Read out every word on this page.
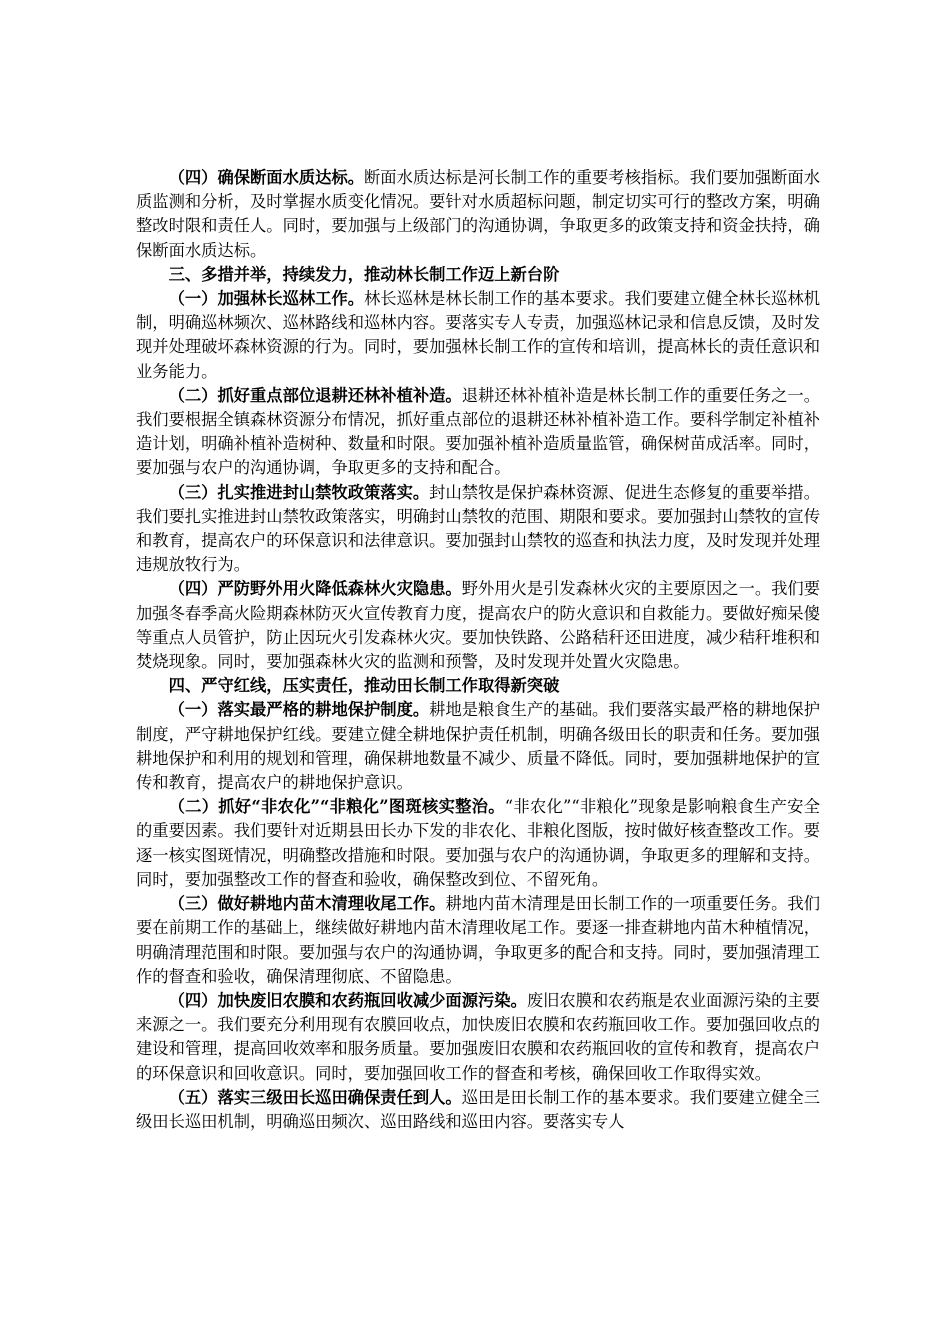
（四）确保断面水质达标。断面水质达标是河长制工作的重要考核指标。我们要加强断面水质监测和分析，及时掌握水质变化情况。要针对水质超标问题，制定切实可行的整改方案，明确整改时限和责任人。同时，要加强与上级部门的沟通协调，争取更多的政策支持和资金扶持，确保断面水质达标。

三、多措并举，持续发力，推动林长制工作迈上新台阶

（一）加强林长巡林工作。林长巡林是林长制工作的基本要求。我们要建立健全林长巡林机制，明确巡林频次、巡林路线和巡林内容。要落实专人专责，加强巡林记录和信息反馈，及时发现并处理破坏森林资源的行为。同时，要加强林长制工作的宣传和培训，提高林长的责任意识和业务能力。

（二）抓好重点部位退耕还林补植补造。退耕还林补植补造是林长制工作的重要任务之一。我们要根据全镇森林资源分布情况，抓好重点部位的退耕还林补植补造工作。要科学制定补植补造计划，明确补植补造树种、数量和时限。要加强补植补造质量监管，确保树苗成活率。同时，要加强与农户的沟通协调，争取更多的支持和配合。

（三）扎实推进封山禁牧政策落实。封山禁牧是保护森林资源、促进生态修复的重要举措。我们要扎实推进封山禁牧政策落实，明确封山禁牧的范围、期限和要求。要加强封山禁牧的宣传和教育，提高农户的环保意识和法律意识。要加强封山禁牧的巡查和执法力度，及时发现并处理违规放牧行为。

（四）严防野外用火降低森林火灾隐患。野外用火是引发森林火灾的主要原因之一。我们要加强冬春季高火险期森林防灭火宣传教育力度，提高农户的防火意识和自救能力。要做好痴呆傻等重点人员管护，防止因玩火引发森林火灾。要加快铁路、公路秸秆还田进度，减少秸秆堆积和焚烧现象。同时，要加强森林火灾的监测和预警，及时发现并处置火灾隐患。

四、严守红线，压实责任，推动田长制工作取得新突破

（一）落实最严格的耕地保护制度。耕地是粮食生产的基础。我们要落实最严格的耕地保护制度，严守耕地保护红线。要建立健全耕地保护责任机制，明确各级田长的职责和任务。要加强耕地保护和利用的规划和管理，确保耕地数量不减少、质量不降低。同时，要加强耕地保护的宣传和教育，提高农户的耕地保护意识。

（二）抓好“非农化”“非粮化”图斑核实整治。“非农化”“非粮化”现象是影响粮食生产安全的重要因素。我们要针对近期县田长办下发的非农化、非粮化图版，按时做好核查整改工作。要逐一核实图斑情况，明确整改措施和时限。要加强与农户的沟通协调，争取更多的理解和支持。同时，要加强整改工作的督查和验收，确保整改到位、不留死角。

（三）做好耕地内苗木清理收尾工作。耕地内苗木清理是田长制工作的一项重要任务。我们要在前期工作的基础上，继续做好耕地内苗木清理收尾工作。要逐一排查耕地内苗木种植情况，明确清理范围和时限。要加强与农户的沟通协调，争取更多的配合和支持。同时，要加强清理工作的督查和验收，确保清理彻底、不留隐患。

（四）加快废旧农膜和农药瓶回收减少面源污染。废旧农膜和农药瓶是农业面源污染的主要来源之一。我们要充分利用现有农膜回收点，加快废旧农膜和农药瓶回收工作。要加强回收点的建设和管理，提高回收效率和服务质量。要加强废旧农膜和农药瓶回收的宣传和教育，提高农户的环保意识和回收意识。同时，要加强回收工作的督查和考核，确保回收工作取得实效。

（五）落实三级田长巡田确保责任到人。巡田是田长制工作的基本要求。我们要建立健全三级田长巡田机制，明确巡田频次、巡田路线和巡田内容。要落实专人
